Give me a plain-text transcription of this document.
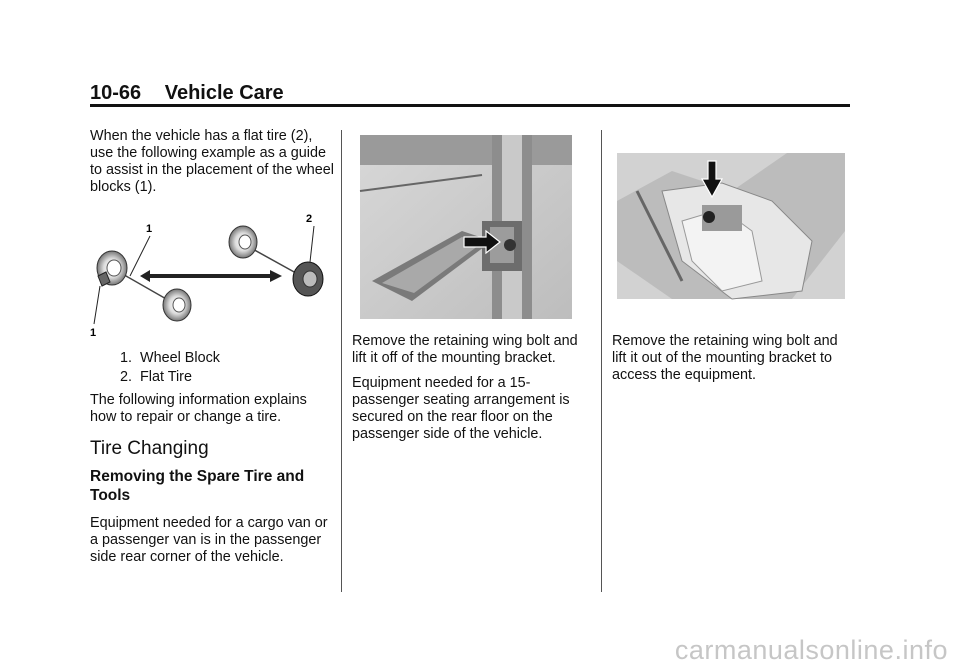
10-66 Vehicle Care

When the vehicle has a flat tire (2), use the following example as a guide to assist in the placement of the wheel blocks (1).

1
2
1
1. Wheel Block
2. Flat Tire

The following information explains how to repair or change a tire.

Tire Changing
Removing the Spare Tire and Tools

Equipment needed for a cargo van or a passenger van is in the passenger side rear corner of the vehicle.

Remove the retaining wing bolt and lift it off of the mounting bracket.

Equipment needed for a 15-passenger seating arrangement is secured on the rear floor on the passenger side of the vehicle.

Remove the retaining wing bolt and lift it out of the mounting bracket to access the equipment.

carmanualsonline.info
